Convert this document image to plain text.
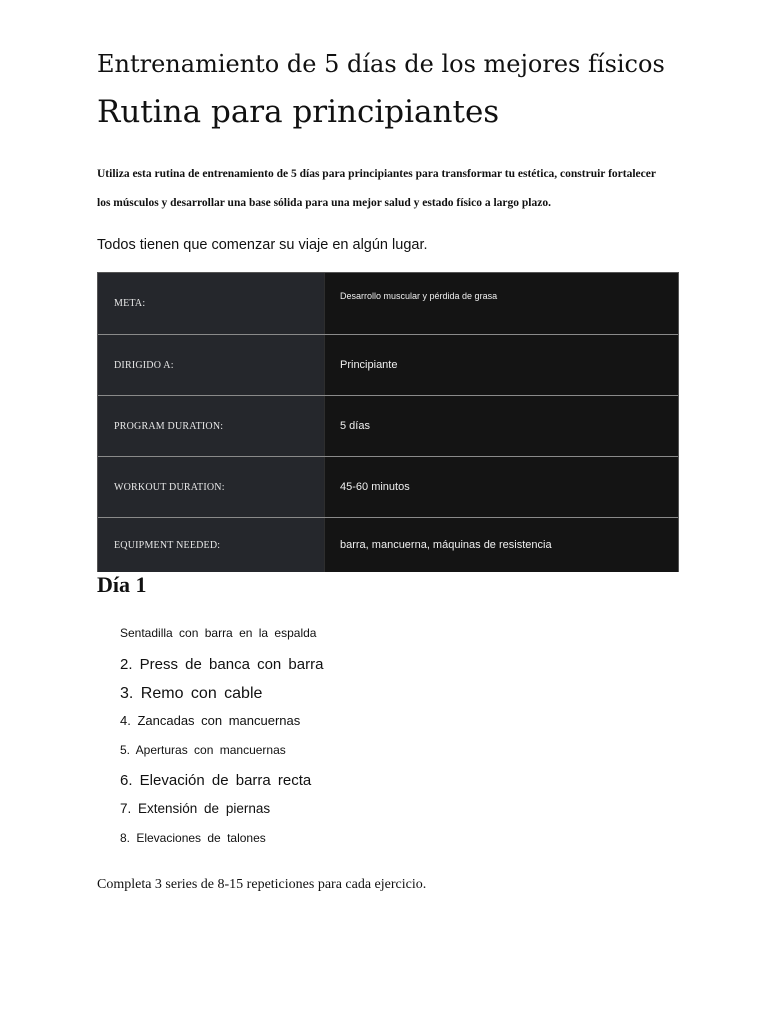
Entrenamiento de 5 días de los mejores físicos
Rutina para principiantes
Utiliza esta rutina de entrenamiento de 5 días para principiantes para transformar tu estética, construir fortalecer los músculos y desarrollar una base sólida para una mejor salud y estado físico a largo plazo.
Todos tienen que comenzar su viaje en algún lugar.
META:
Desarrollo muscular y pérdida de grasa
DIRIGIDO A:	Principiante
PROGRAM DURATION:	5 días
WORKOUT DURATION:	45-60 minutos
EQUIPMENT NEEDED:	barra, mancuerna, máquinas de resistencia
Día 1
Sentadilla con barra en la espalda
2. Press de banca con barra
3. Remo con cable
4. Zancadas con mancuernas
5. Aperturas con mancuernas
6. Elevación de barra recta
7. Extensión de piernas
8. Elevaciones de talones
Completa 3 series de 8-15 repeticiones para cada ejercicio.
